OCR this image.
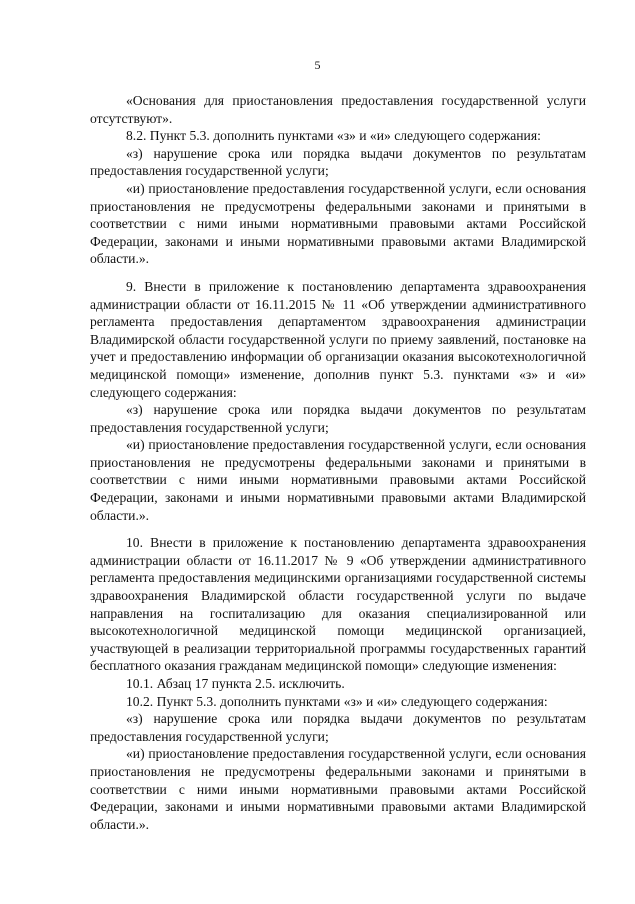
5

«Основания для приостановления предоставления государственной услуги отсутствуют».

8.2. Пункт 5.3. дополнить пунктами «з» и «и» следующего содержания:

«з) нарушение срока или порядка выдачи документов по результатам предоставления государственной услуги;

«и) приостановление предоставления государственной услуги, если основания приостановления не предусмотрены федеральными законами и принятыми в соответствии с ними иными нормативными правовыми актами Российской Федерации, законами и иными нормативными правовыми актами Владимирской области.».

9. Внести в приложение к постановлению департамента здравоохранения администрации области от 16.11.2015 № 11 «Об утверждении административного регламента предоставления департаментом здравоохранения администрации Владимирской области государственной услуги по приему заявлений, постановке на учет и предоставлению информации об организации оказания высокотехнологичной медицинской помощи» изменение, дополнив пункт 5.3. пунктами «з» и «и» следующего содержания:

«з) нарушение срока или порядка выдачи документов по результатам предоставления государственной услуги;

«и) приостановление предоставления государственной услуги, если основания приостановления не предусмотрены федеральными законами и принятыми в соответствии с ними иными нормативными правовыми актами Российской Федерации, законами и иными нормативными правовыми актами Владимирской области.».

10. Внести в приложение к постановлению департамента здравоохранения администрации области от 16.11.2017 № 9 «Об утверждении административного регламента предоставления медицинскими организациями государственной системы здравоохранения Владимирской области государственной услуги по выдаче направления на госпитализацию для оказания специализированной или высокотехнологичной медицинской помощи медицинской организацией, участвующей в реализации территориальной программы государственных гарантий бесплатного оказания гражданам медицинской помощи» следующие изменения:

10.1. Абзац 17 пункта 2.5. исключить.

10.2. Пункт 5.3. дополнить пунктами «з» и «и» следующего содержания:

«з) нарушение срока или порядка выдачи документов по результатам предоставления государственной услуги;

«и) приостановление предоставления государственной услуги, если основания приостановления не предусмотрены федеральными законами и принятыми в соответствии с ними иными нормативными правовыми актами Российской Федерации, законами и иными нормативными правовыми актами Владимирской области.».
